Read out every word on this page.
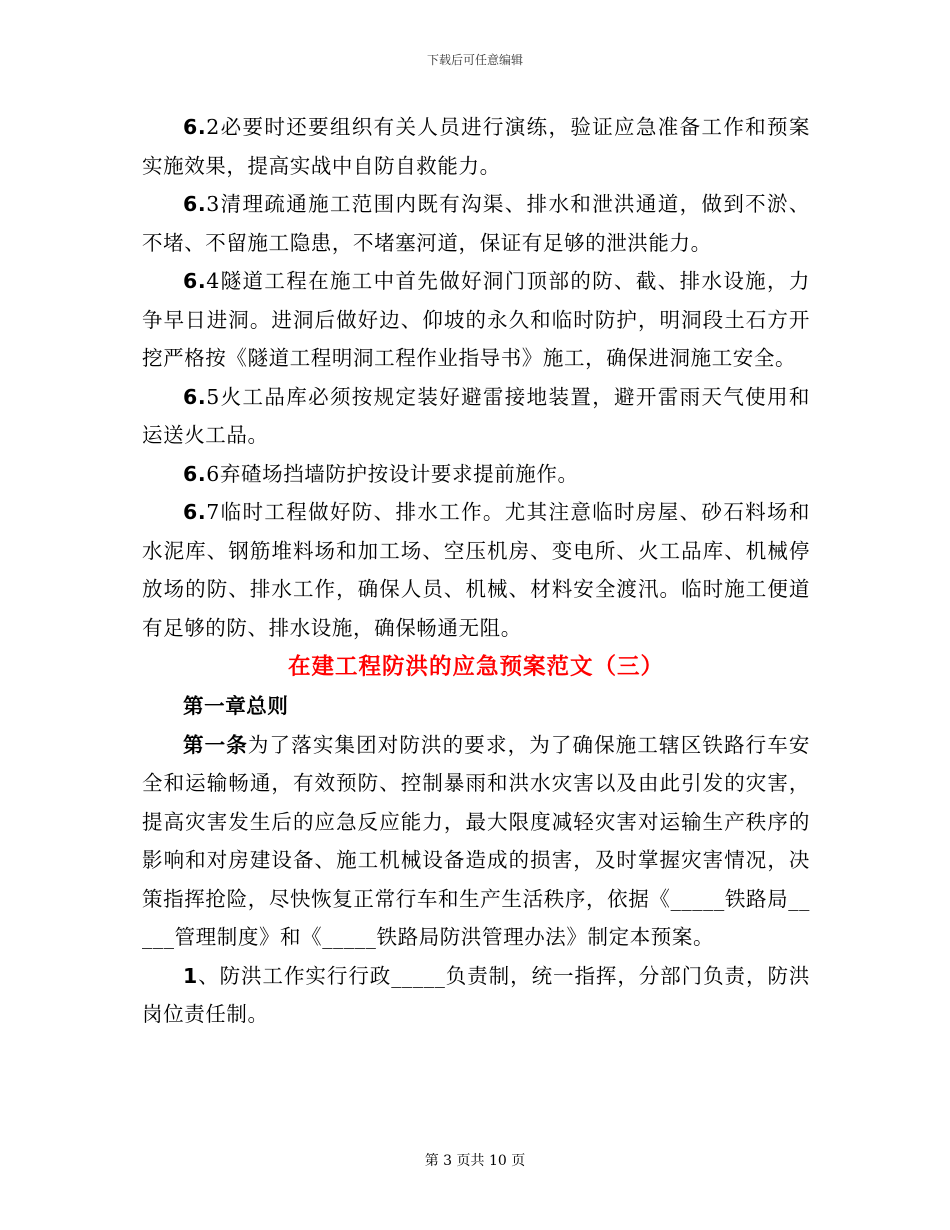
下载后可任意编辑

6.2必要时还要组织有关人员进行演练，验证应急准备工作和预案实施效果，提高实战中自防自救能力。

6.3清理疏通施工范围内既有沟渠、排水和泄洪通道，做到不淤、不堵、不留施工隐患，不堵塞河道，保证有足够的泄洪能力。

6.4隧道工程在施工中首先做好洞门顶部的防、截、排水设施，力争早日进洞。进洞后做好边、仰坡的永久和临时防护，明洞段土石方开挖严格按《隧道工程明洞工程作业指导书》施工，确保进洞施工安全。

6.5火工品库必须按规定装好避雷接地装置，避开雷雨天气使用和运送火工品。

6.6弃碴场挡墙防护按设计要求提前施作。

6.7临时工程做好防、排水工作。尤其注意临时房屋、砂石料场和水泥库、钢筋堆料场和加工场、空压机房、变电所、火工品库、机械停放场的防、排水工作，确保人员、机械、材料安全渡汛。临时施工便道有足够的防、排水设施，确保畅通无阻。

在建工程防洪的应急预案范文（三）

第一章总则

第一条为了落实集团对防洪的要求，为了确保施工辖区铁路行车安全和运输畅通，有效预防、控制暴雨和洪水灾害以及由此引发的灾害，提高灾害发生后的应急反应能力，最大限度减轻灾害对运输生产秩序的影响和对房建设备、施工机械设备造成的损害，及时掌握灾害情况，决策指挥抢险，尽快恢复正常行车和生产生活秩序，依据《_____铁路局_____管理制度》和《_____铁路局防洪管理办法》制定本预案。

1、防洪工作实行行政_____负责制，统一指挥，分部门负责，防洪岗位责任制。

第 3 页共 10 页
